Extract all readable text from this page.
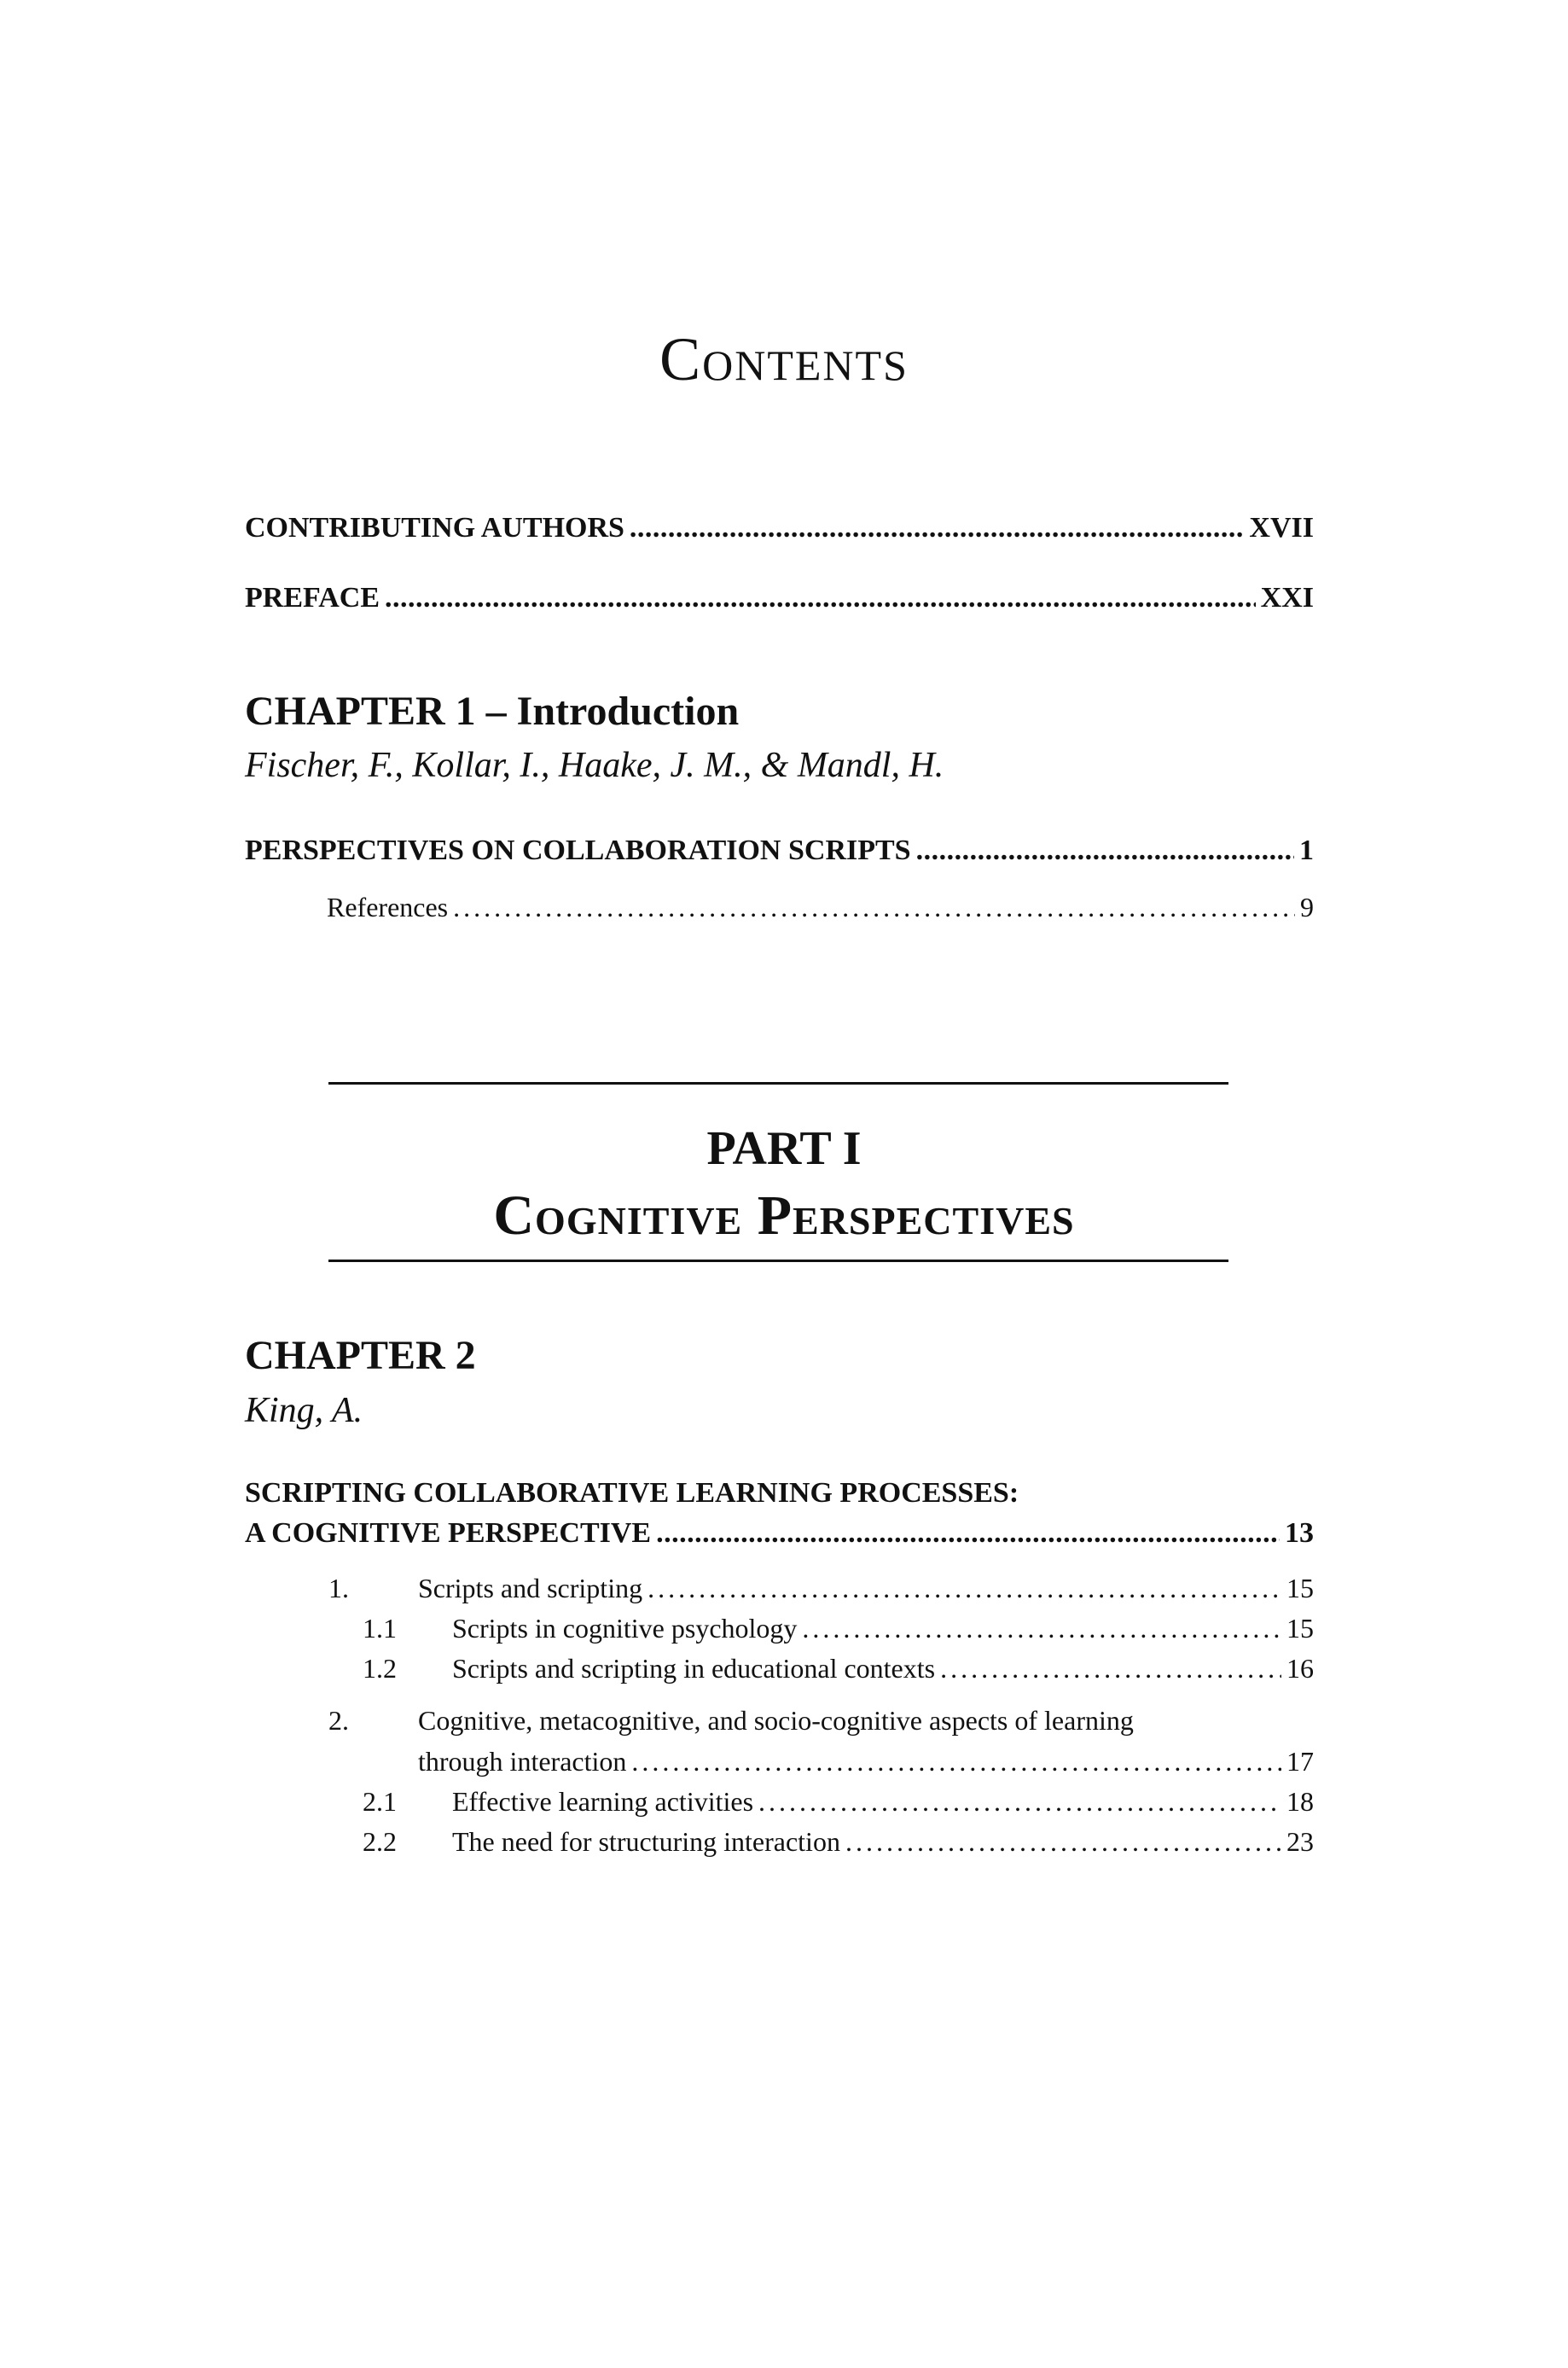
Contents
CONTRIBUTING AUTHORS . . .	XVII
PREFACE . . .	XXI
CHAPTER 1 – Introduction
Fischer, F., Kollar, I., Haake, J. M., & Mandl, H.
PERSPECTIVES ON COLLABORATION SCRIPTS . . .	1
References . . .	9
PART I
Cognitive Perspectives
CHAPTER 2
King, A.
SCRIPTING COLLABORATIVE LEARNING PROCESSES:
A COGNITIVE PERSPECTIVE . . .	13
1.	Scripts and scripting . . .	15
1.1 Scripts in cognitive psychology . . .	15
1.2 Scripts and scripting in educational contexts . . .	16
2.	Cognitive, metacognitive, and socio-cognitive aspects of learning
through interaction . . .	17
2.1 Effective learning activities . . .	18
2.2 The need for structuring interaction . . .	23
